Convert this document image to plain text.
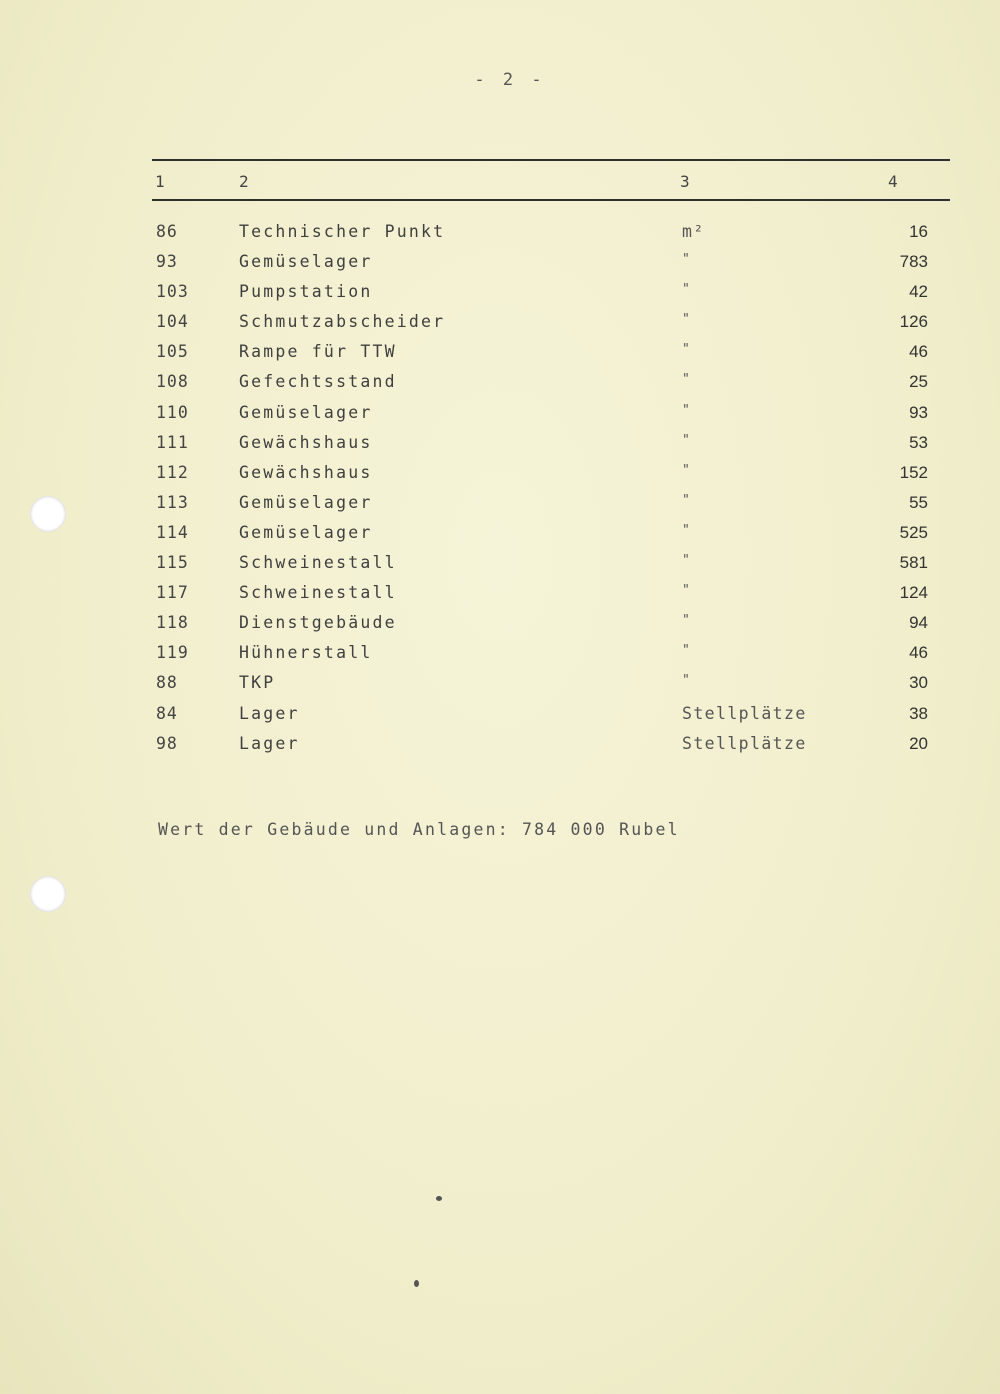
- 2 -
1	2	3	4
86	Technischer Punkt	m²	16
93	Gemüselager	"	783
103	Pumpstation	"	42
104	Schmutzabscheider	"	126
105	Rampe für TTW	"	46
108	Gefechtsstand	"	25
110	Gemüselager	"	93
111	Gewächshaus	"	53
112	Gewächshaus	"	152
113	Gemüselager	"	55
114	Gemüselager	"	525
115	Schweinestall	"	581
117	Schweinestall	"	124
118	Dienstgebäude	"	94
119	Hühnerstall	"	46
88	TKP	"	30
84	Lager	Stellplätze	38
98	Lager	Stellplätze	20
Wert der Gebäude und Anlagen: 784 000 Rubel
